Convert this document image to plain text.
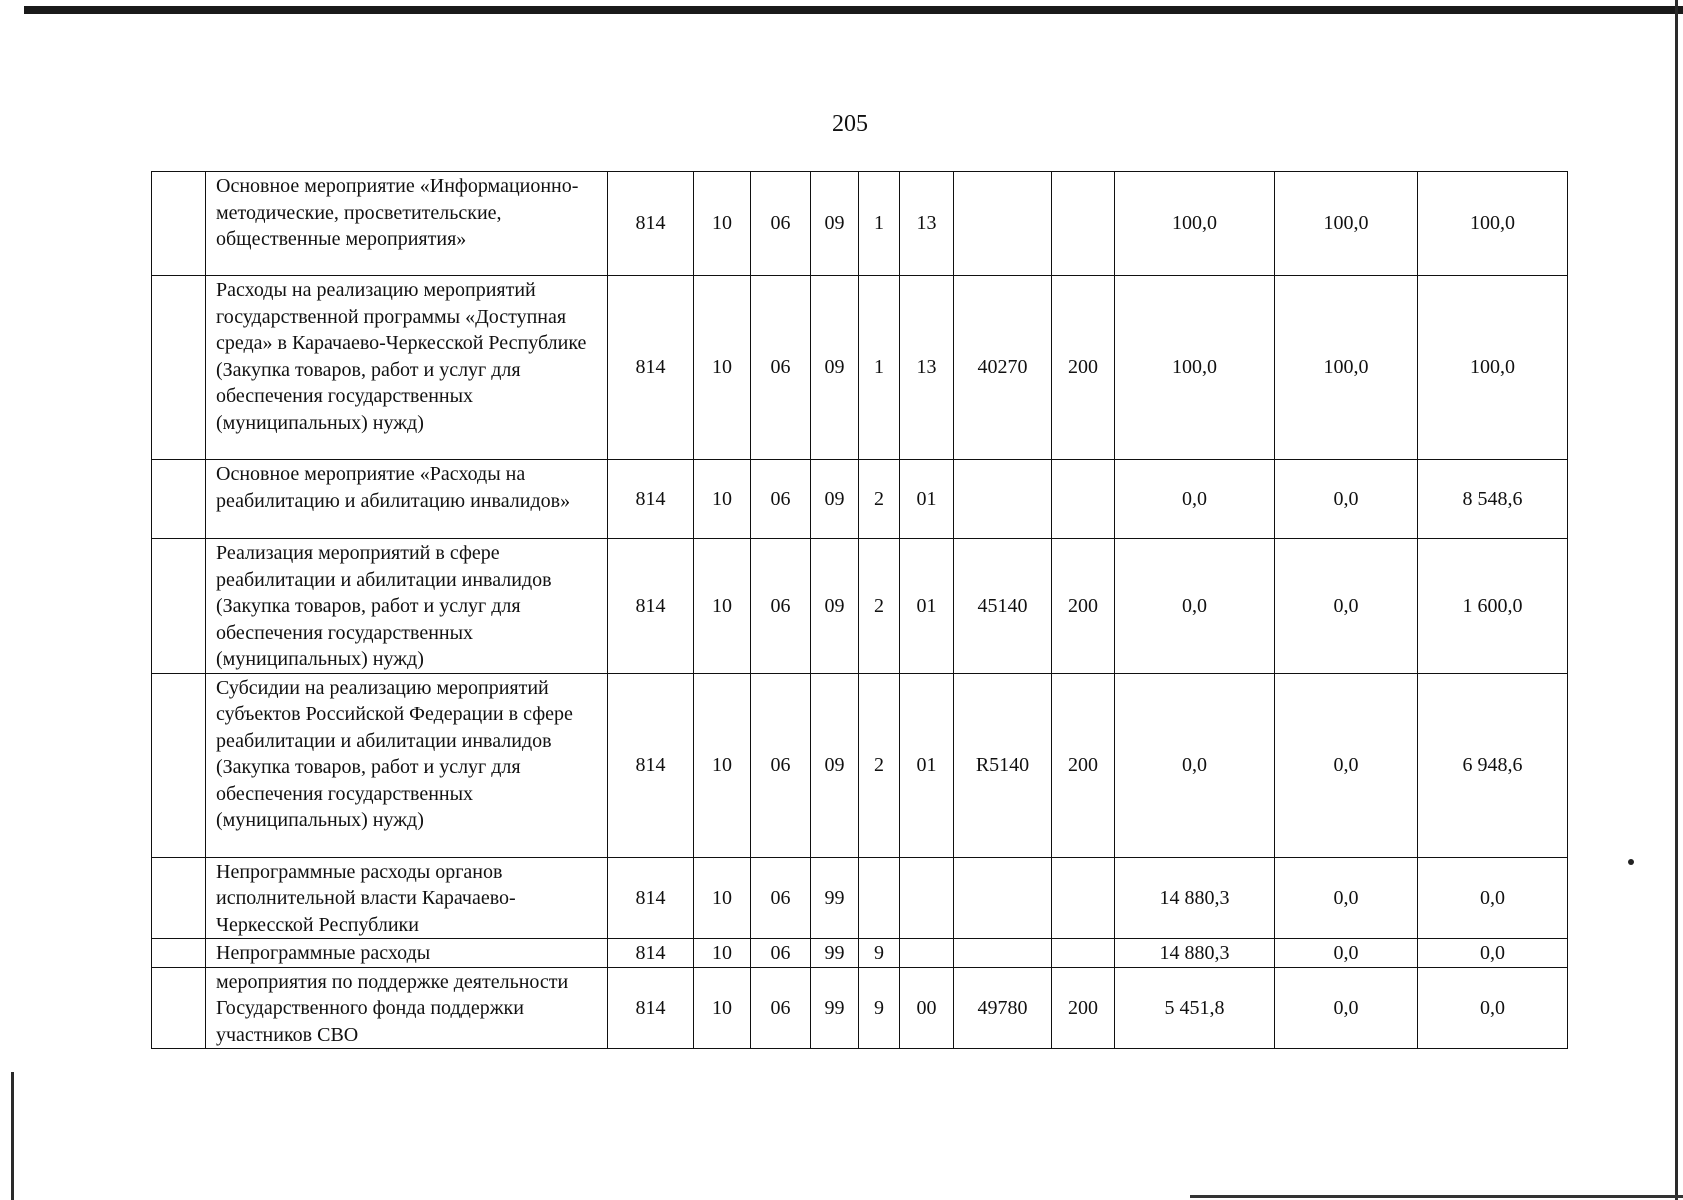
205
	Основное мероприятие «Информационно-методические, просветительские, общественные мероприятия»	814	10	06	09	1	13			100,0	100,0	100,0
	Расходы на реализацию мероприятий государственной программы «Доступная среда» в Карачаево-Черкесской Республике (Закупка товаров, работ и услуг для обеспечения государственных (муниципальных) нужд)	814	10	06	09	1	13	40270	200	100,0	100,0	100,0
	Основное мероприятие «Расходы на реабилитацию и абилитацию инвалидов»	814	10	06	09	2	01			0,0	0,0	8 548,6
	Реализация мероприятий в сфере реабилитации и абилитации инвалидов (Закупка товаров, работ и услуг для обеспечения государственных (муниципальных) нужд)	814	10	06	09	2	01	45140	200	0,0	0,0	1 600,0
	Субсидии на реализацию мероприятий субъектов Российской Федерации в сфере реабилитации и абилитации инвалидов (Закупка товаров, работ и услуг для обеспечения государственных (муниципальных) нужд)	814	10	06	09	2	01	R5140	200	0,0	0,0	6 948,6
	Непрограммные расходы органов исполнительной власти Карачаево-Черкесской Республики	814	10	06	99					14 880,3	0,0	0,0
	Непрограммные расходы	814	10	06	99	9				14 880,3	0,0	0,0
	мероприятия по поддержке деятельности Государственного фонда поддержки участников СВО	814	10	06	99	9	00	49780	200	5 451,8	0,0	0,0
